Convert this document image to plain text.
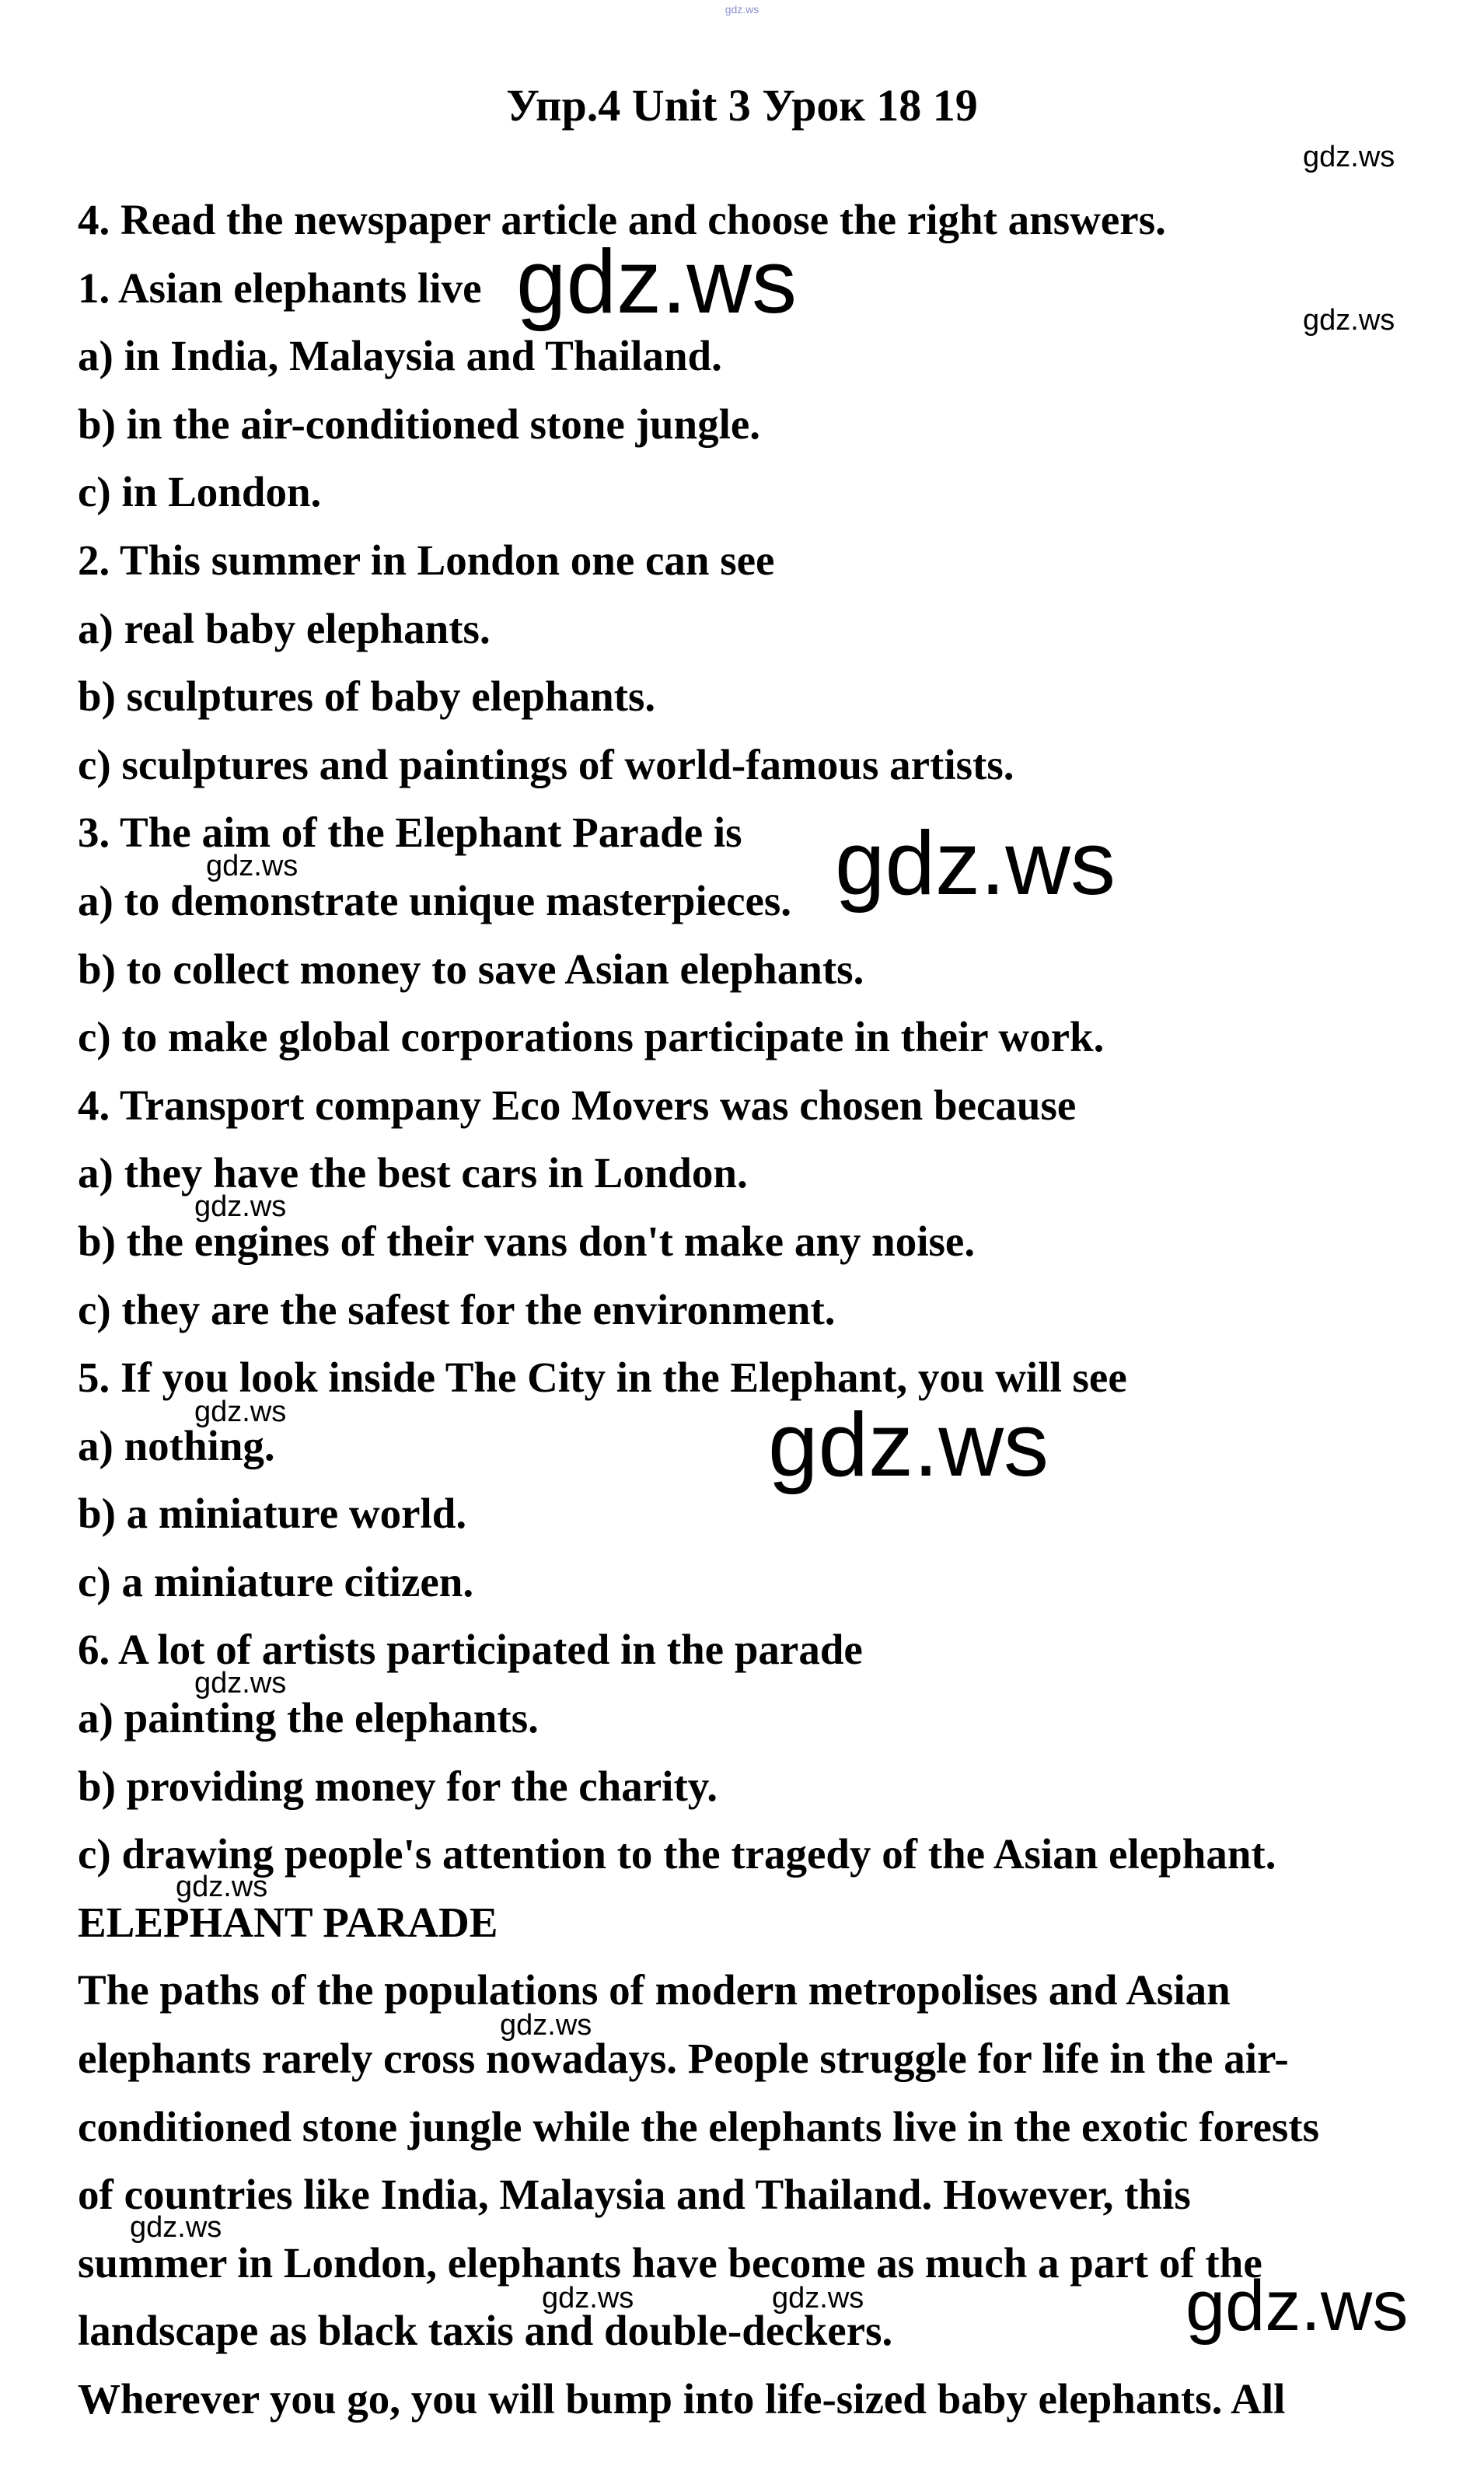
gdz.ws

Упр.4 Unit 3 Урок 18 19
4. Read the newspaper article and choose the right answers.
1. Asian elephants live
a) in India, Malaysia and Thailand.
b) in the air-conditioned stone jungle.
c) in London.
2. This summer in London one can see
a) real baby elephants.
b) sculptures of baby elephants.
c) sculptures and paintings of world-famous artists.
3. The aim of the Elephant Parade is
a) to demonstrate unique masterpieces.
b) to collect money to save Asian elephants.
c) to make global corporations participate in their work.
4. Transport company Eco Movers was chosen because
a) they have the best cars in London.
b) the engines of their vans don't make any noise.
c) they are the safest for the environment.
5. If you look inside The City in the Elephant, you will see
a) nothing.
b) a miniature world.
c) a miniature citizen.
6. A lot of artists participated in the parade
a) painting the elephants.
b) providing money for the charity.
c) drawing people's attention to the tragedy of the Asian elephant.
ELEPHANT PARADE
The paths of the populations of modern metropolises and Asian
elephants rarely cross nowadays. People struggle for life in the air-
conditioned stone jungle while the elephants live in the exotic forests
of countries like India, Malaysia and Thailand. However, this
summer in London, elephants have become as much a part of the
landscape as black taxis and double-deckers.
Wherever you go, you will bump into life-sized baby elephants. All
gdz.ws
gdz.ws
gdz.ws
gdz.ws
gdz.ws
gdz.ws
gdz.ws	gdz.ws
gdz.ws
gdz.ws
gdz.ws
gdz.ws
gdz.ws	gdz.ws	gdz.ws
